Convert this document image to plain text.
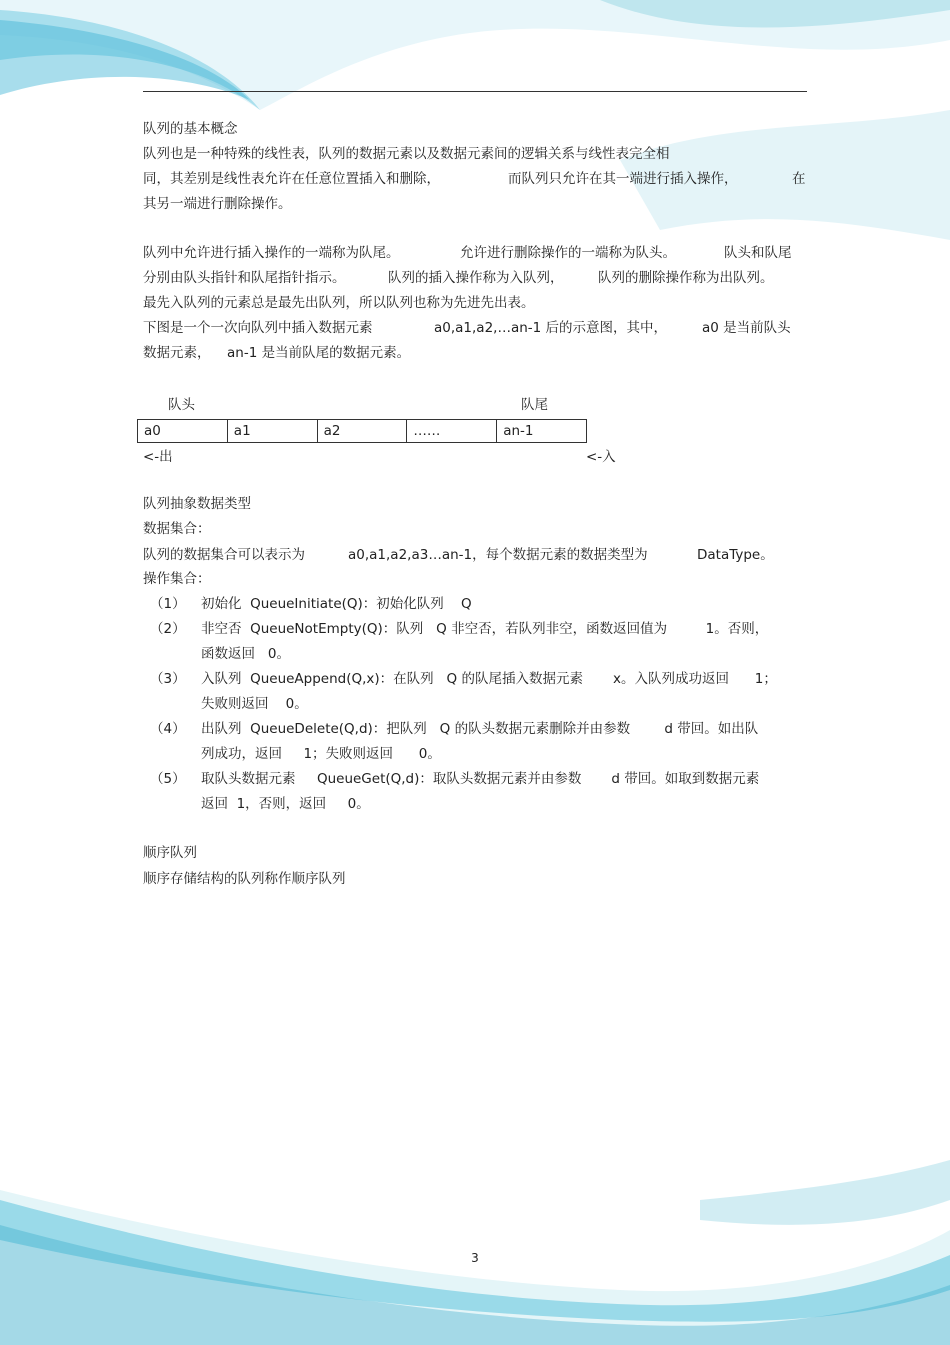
队列的基本概念
队列也是一种特殊的线性表，队列的数据元素以及数据元素间的逻辑关系与线性表完全相
同，其差别是线性表允许在任意位置插入和删除，	而队列只允许在其一端进行插入操作，	在
其另一端进行删除操作。
队列中允许进行插入操作的一端称为队尾。	允许进行删除操作的一端称为队头。	队头和队尾
分别由队头指针和队尾指针指示。	队列的插入操作称为入队列，	队列的删除操作称为出队列。
最先入队列的元素总是最先出队列，所以队列也称为先进先出表。
下图是一个一次向队列中插入数据元素	a0,a1,a2,…an-1 后的示意图，其中，	a0 是当前队头
数据元素， an-1 是当前队尾的数据元素。
队头	队尾
a0	a1	a2	……	an-1
<-出	<-入
队列抽象数据类型
数据集合：
队列的数据集合可以表示为	a0,a1,a2,a3…an-1，每个数据元素的数据类型为	DataType。
操作集合：
（1） 初始化  QueueInitiate(Q)：初始化队列    Q
（2） 非空否  QueueNotEmpty(Q)：队列   Q 非空否，若队列非空，函数返回值为         1。否则，
函数返回   0。
（3） 入队列  QueueAppend(Q,x)：在队列   Q 的队尾插入数据元素       x。入队列成功返回      1；
失败则返回    0。
（4） 出队列  QueueDelete(Q,d)：把队列   Q 的队头数据元素删除并由参数        d 带回。如出队
列成功，返回     1；失败则返回      0。
（5） 取队头数据元素     QueueGet(Q,d)：取队头数据元素并由参数       d 带回。如取到数据元素
返回  1，否则，返回     0。
顺序队列
顺序存储结构的队列称作顺序队列
3
